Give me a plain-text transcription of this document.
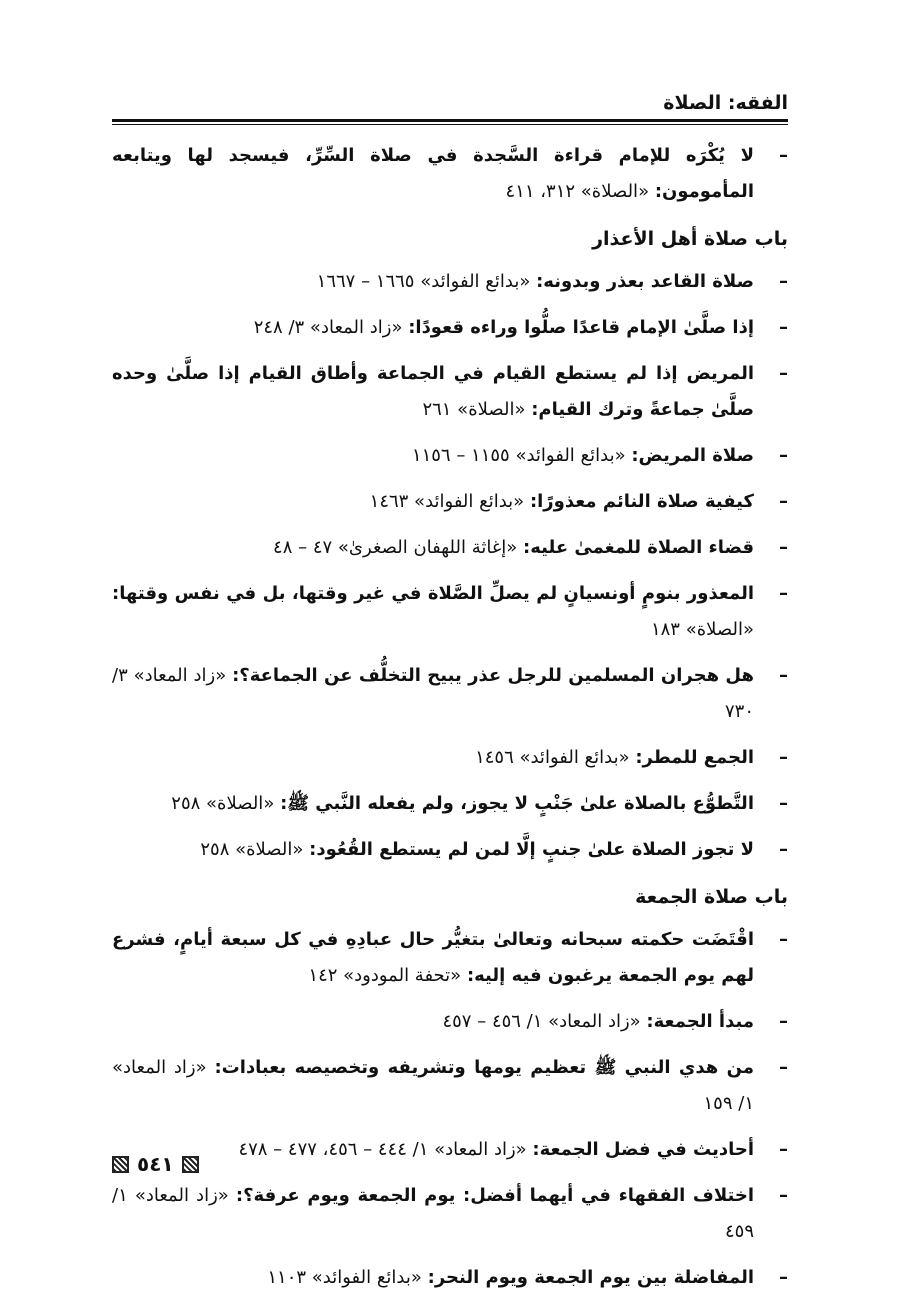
الفقه: الصلاة
–
لا يُكْرَه للإمام قراءة السَّجدة في صلاة السِّرِّ، فيسجد لها ويتابعه المأمومون: «الصلاة» ٣١٢، ٤١١
باب صلاة أهل الأعذار
–
صلاة القاعد بعذر وبدونه: «بدائع الفوائد» ١٦٦٥ – ١٦٦٧
–
إذا صلَّىٰ الإمام قاعدًا صلُّوا وراءه قعودًا: «زاد المعاد» ٣/ ٢٤٨
–
المريض إذا لم يستطع القيام في الجماعة وأطاق القيام إذا صلَّىٰ وحده صلَّىٰ جماعةً وترك القيام: «الصلاة» ٢٦١
–
صلاة المريض: «بدائع الفوائد» ١١٥٥ – ١١٥٦
–
كيفية صلاة النائم معذورًا: «بدائع الفوائد» ١٤٦٣
–
قضاء الصلاة للمغمىٰ عليه: «إغاثة اللهفان الصغرىٰ» ٤٧ – ٤٨
–
المعذور بنومٍ أونسيانٍ لم يصلِّ الصَّلاة في غير وقتها، بل في نفس وقتها: «الصلاة» ١٨٣
–
هل هجران المسلمين للرجل عذر يبيح التخلُّف عن الجماعة؟: «زاد المعاد» ٣/ ٧٣٠
–
الجمع للمطر: «بدائع الفوائد» ١٤٥٦
–
التَّطوُّع بالصلاة علىٰ جَنْبٍ لا يجوز، ولم يفعله النَّبي ﷺ: «الصلاة» ٢٥٨
–
لا تجوز الصلاة علىٰ جنبٍ إلَّا لمن لم يستطع القُعُود: «الصلاة» ٢٥٨
باب صلاة الجمعة
–
اقْتَضَت حكمته سبحانه وتعالىٰ بتغيُّر حال عبادِهِ في كل سبعة أيامٍ، فشرع لهم يوم الجمعة يرغبون فيه إليه: «تحفة المودود» ١٤٢
–
مبدأ الجمعة: «زاد المعاد» ١/ ٤٥٦ – ٤٥٧
–
من هدي النبي ﷺ تعظيم يومها وتشريفه وتخصيصه بعبادات: «زاد المعاد» ١/ ١٥٩
–
أحاديث في فضل الجمعة: «زاد المعاد» ١/ ٤٤٤ – ٤٥٦، ٤٧٧ – ٤٧٨
–
اختلاف الفقهاء في أيهما أفضل: يوم الجمعة ويوم عرفة؟: «زاد المعاد» ١/ ٤٥٩
–
المفاضلة بين يوم الجمعة ويوم النحر: «بدائع الفوائد» ١١٠٣
٥٤١
